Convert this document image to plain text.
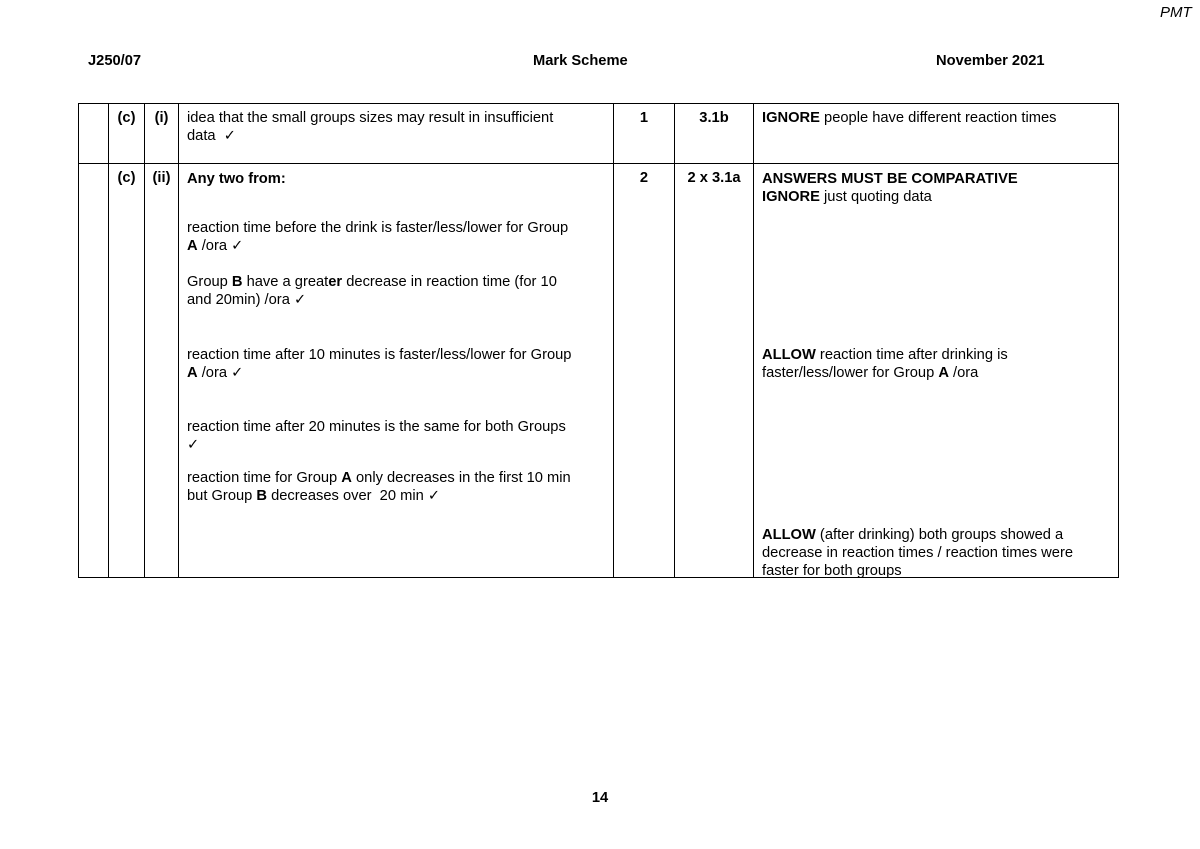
PMT
J250/07	Mark Scheme	November 2021
(c)	(i)	idea that the small groups sizes may result in insufficient
data  ✓
1	3.1b	IGNORE people have different reaction times
(c)	(ii)	Any two from:
reaction time before the drink is faster/less/lower for Group
A /ora ✓
Group B have a greater decrease in reaction time (for 10
and 20min) /ora ✓
reaction time after 10 minutes is faster/less/lower for Group
A /ora ✓
reaction time after 20 minutes is the same for both Groups
✓
reaction time for Group A only decreases in the first 10 min
but Group B decreases over  20 min ✓
2	2 x 3.1a	ANSWERS MUST BE COMPARATIVE
IGNORE just quoting data
ALLOW reaction time after drinking is
faster/less/lower for Group A /ora
ALLOW (after drinking) both groups showed a
decrease in reaction times / reaction times were
faster for both groups
14
